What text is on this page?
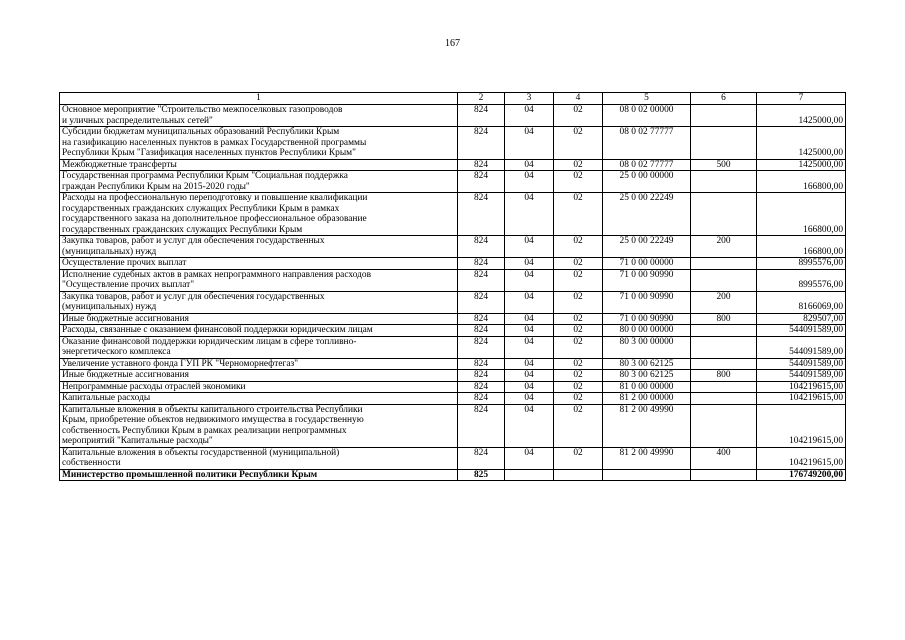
167
1	2	3	4	5	6	7
Основное мероприятие "Строительство межпоселковых газопроводов
и уличных распределительных сетей"	824	04	02	08 0 02 00000		1425000,00
Субсидии бюджетам муниципальных образований Республики Крым
на газификацию населенных пунктов в рамках Государственной программы
Республики Крым "Газификация населенных пунктов Республики Крым"	824	04	02	08 0 02 77777		1425000,00
Межбюджетные трансферты	824	04	02	08 0 02 77777	500	1425000,00
Государственная программа Республики Крым "Социальная поддержка
граждан Республики Крым на 2015-2020 годы"	824	04	02	25 0 00 00000		166800,00
Расходы на профессиональную переподготовку и повышение квалификации
государственных гражданских служащих Республики Крым в рамках
государственного заказа на дополнительное профессиональное образование
государственных гражданских служащих Республики Крым	824	04	02	25 0 00 22249		166800,00
Закупка товаров, работ и услуг для обеспечения государственных
(муниципальных) нужд	824	04	02	25 0 00 22249	200	166800,00
Осуществление прочих выплат	824	04	02	71 0 00 00000		8995576,00
Исполнение судебных актов в рамках непрограммного направления расходов
"Осуществление прочих выплат"	824	04	02	71 0 00 90990		8995576,00
Закупка товаров, работ и услуг для обеспечения государственных
(муниципальных) нужд	824	04	02	71 0 00 90990	200	8166069,00
Иные бюджетные ассигнования	824	04	02	71 0 00 90990	800	829507,00
Расходы, связанные с оказанием финансовой поддержки юридическим лицам	824	04	02	80 0 00 00000		544091589,00
Оказание финансовой поддержки юридическим лицам в сфере топливно-
энергетического комплекса	824	04	02	80 3 00 00000		544091589,00
Увеличение уставного фонда ГУП РК "Черноморнефтегаз"	824	04	02	80 3 00 62125		544091589,00
Иные бюджетные ассигнования	824	04	02	80 3 00 62125	800	544091589,00
Непрограммные расходы отраслей экономики	824	04	02	81 0 00 00000		104219615,00
Капитальные расходы	824	04	02	81 2 00 00000		104219615,00
Капитальные вложения в объекты капитального строительства Республики
Крым, приобретение объектов недвижимого имущества в государственную
собственность Республики Крым в рамках реализации непрограммных
мероприятий "Капитальные расходы"	824	04	02	81 2 00 49990		104219615,00
Капитальные вложения в объекты государственной (муниципальной)
собственности	824	04	02	81 2 00 49990	400	104219615,00
Министерство промышленной политики Республики Крым	825					176749200,00
